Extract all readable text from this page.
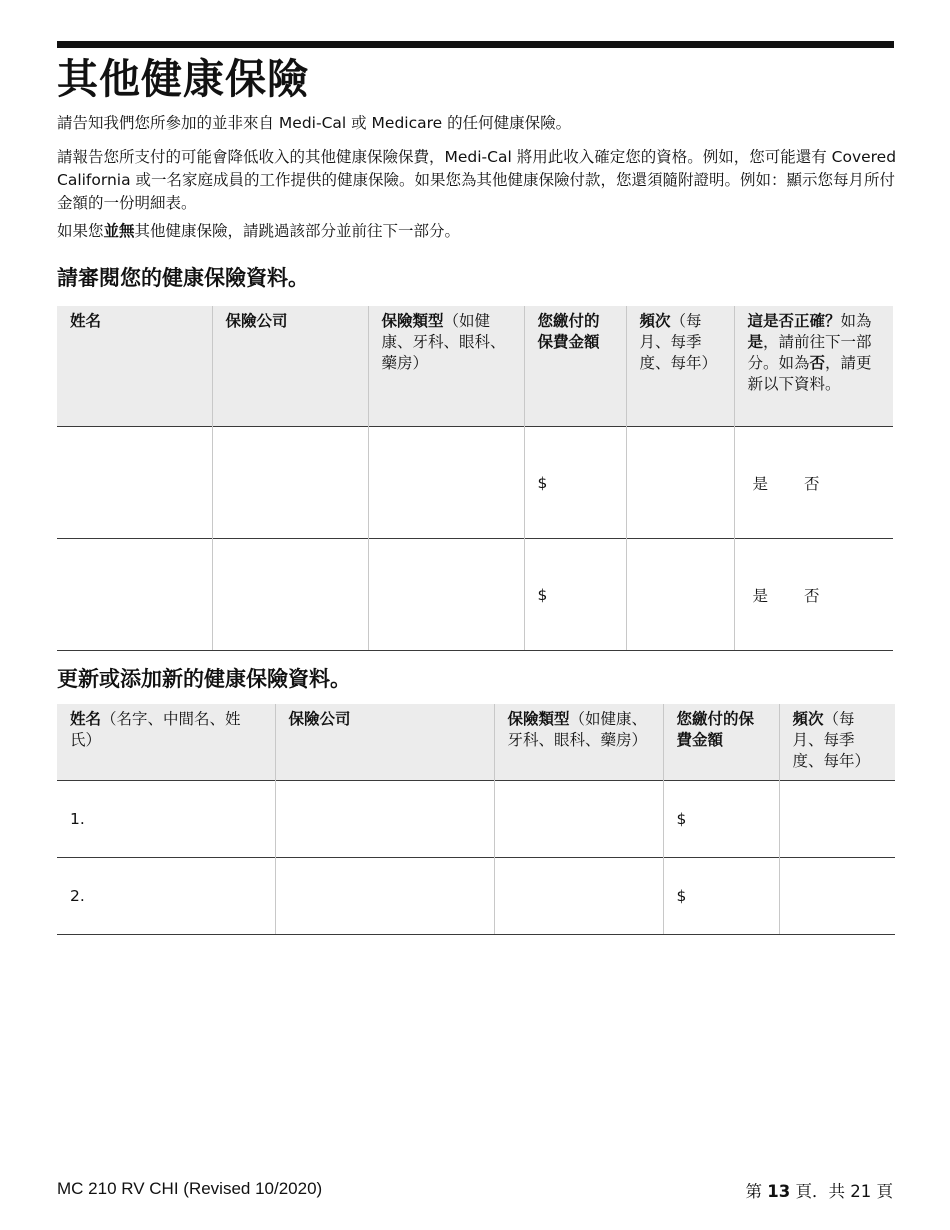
其他健康保險

請告知我們您所參加的並非來自 Medi-Cal 或 Medicare 的任何健康保險。

請報告您所支付的可能會降低收入的其他健康保險保費，Medi-Cal 將用此收入確定您的資格。例如，您可能還有 Covered California 或一名家庭成員的工作提供的健康保險。如果您為其他健康保險付款，您還須隨附證明。例如：顯示您每月所付金額的一份明細表。

如果您並無其他健康保險，請跳過該部分並前往下一部分。

請審閱您的健康保險資料。
姓名	保險公司	保險類型（如健康、牙科、眼科、藥房）	您繳付的保費金額	頻次（每月、每季度、每年）	這是否正確？如為是，請前往下一部分。如為否，請更新以下資料。
			$		是 否
			$		是 否
更新或添加新的健康保險資料。
姓名（名字、中間名、姓氏）	保險公司	保險類型（如健康、牙科、眼科、藥房）	您繳付的保費金額	頻次（每月、每季度、每年）
1.			$	
2.			$	
MC 210 RV CHI (Revised 10/2020)	第 13 頁．共 21 頁
